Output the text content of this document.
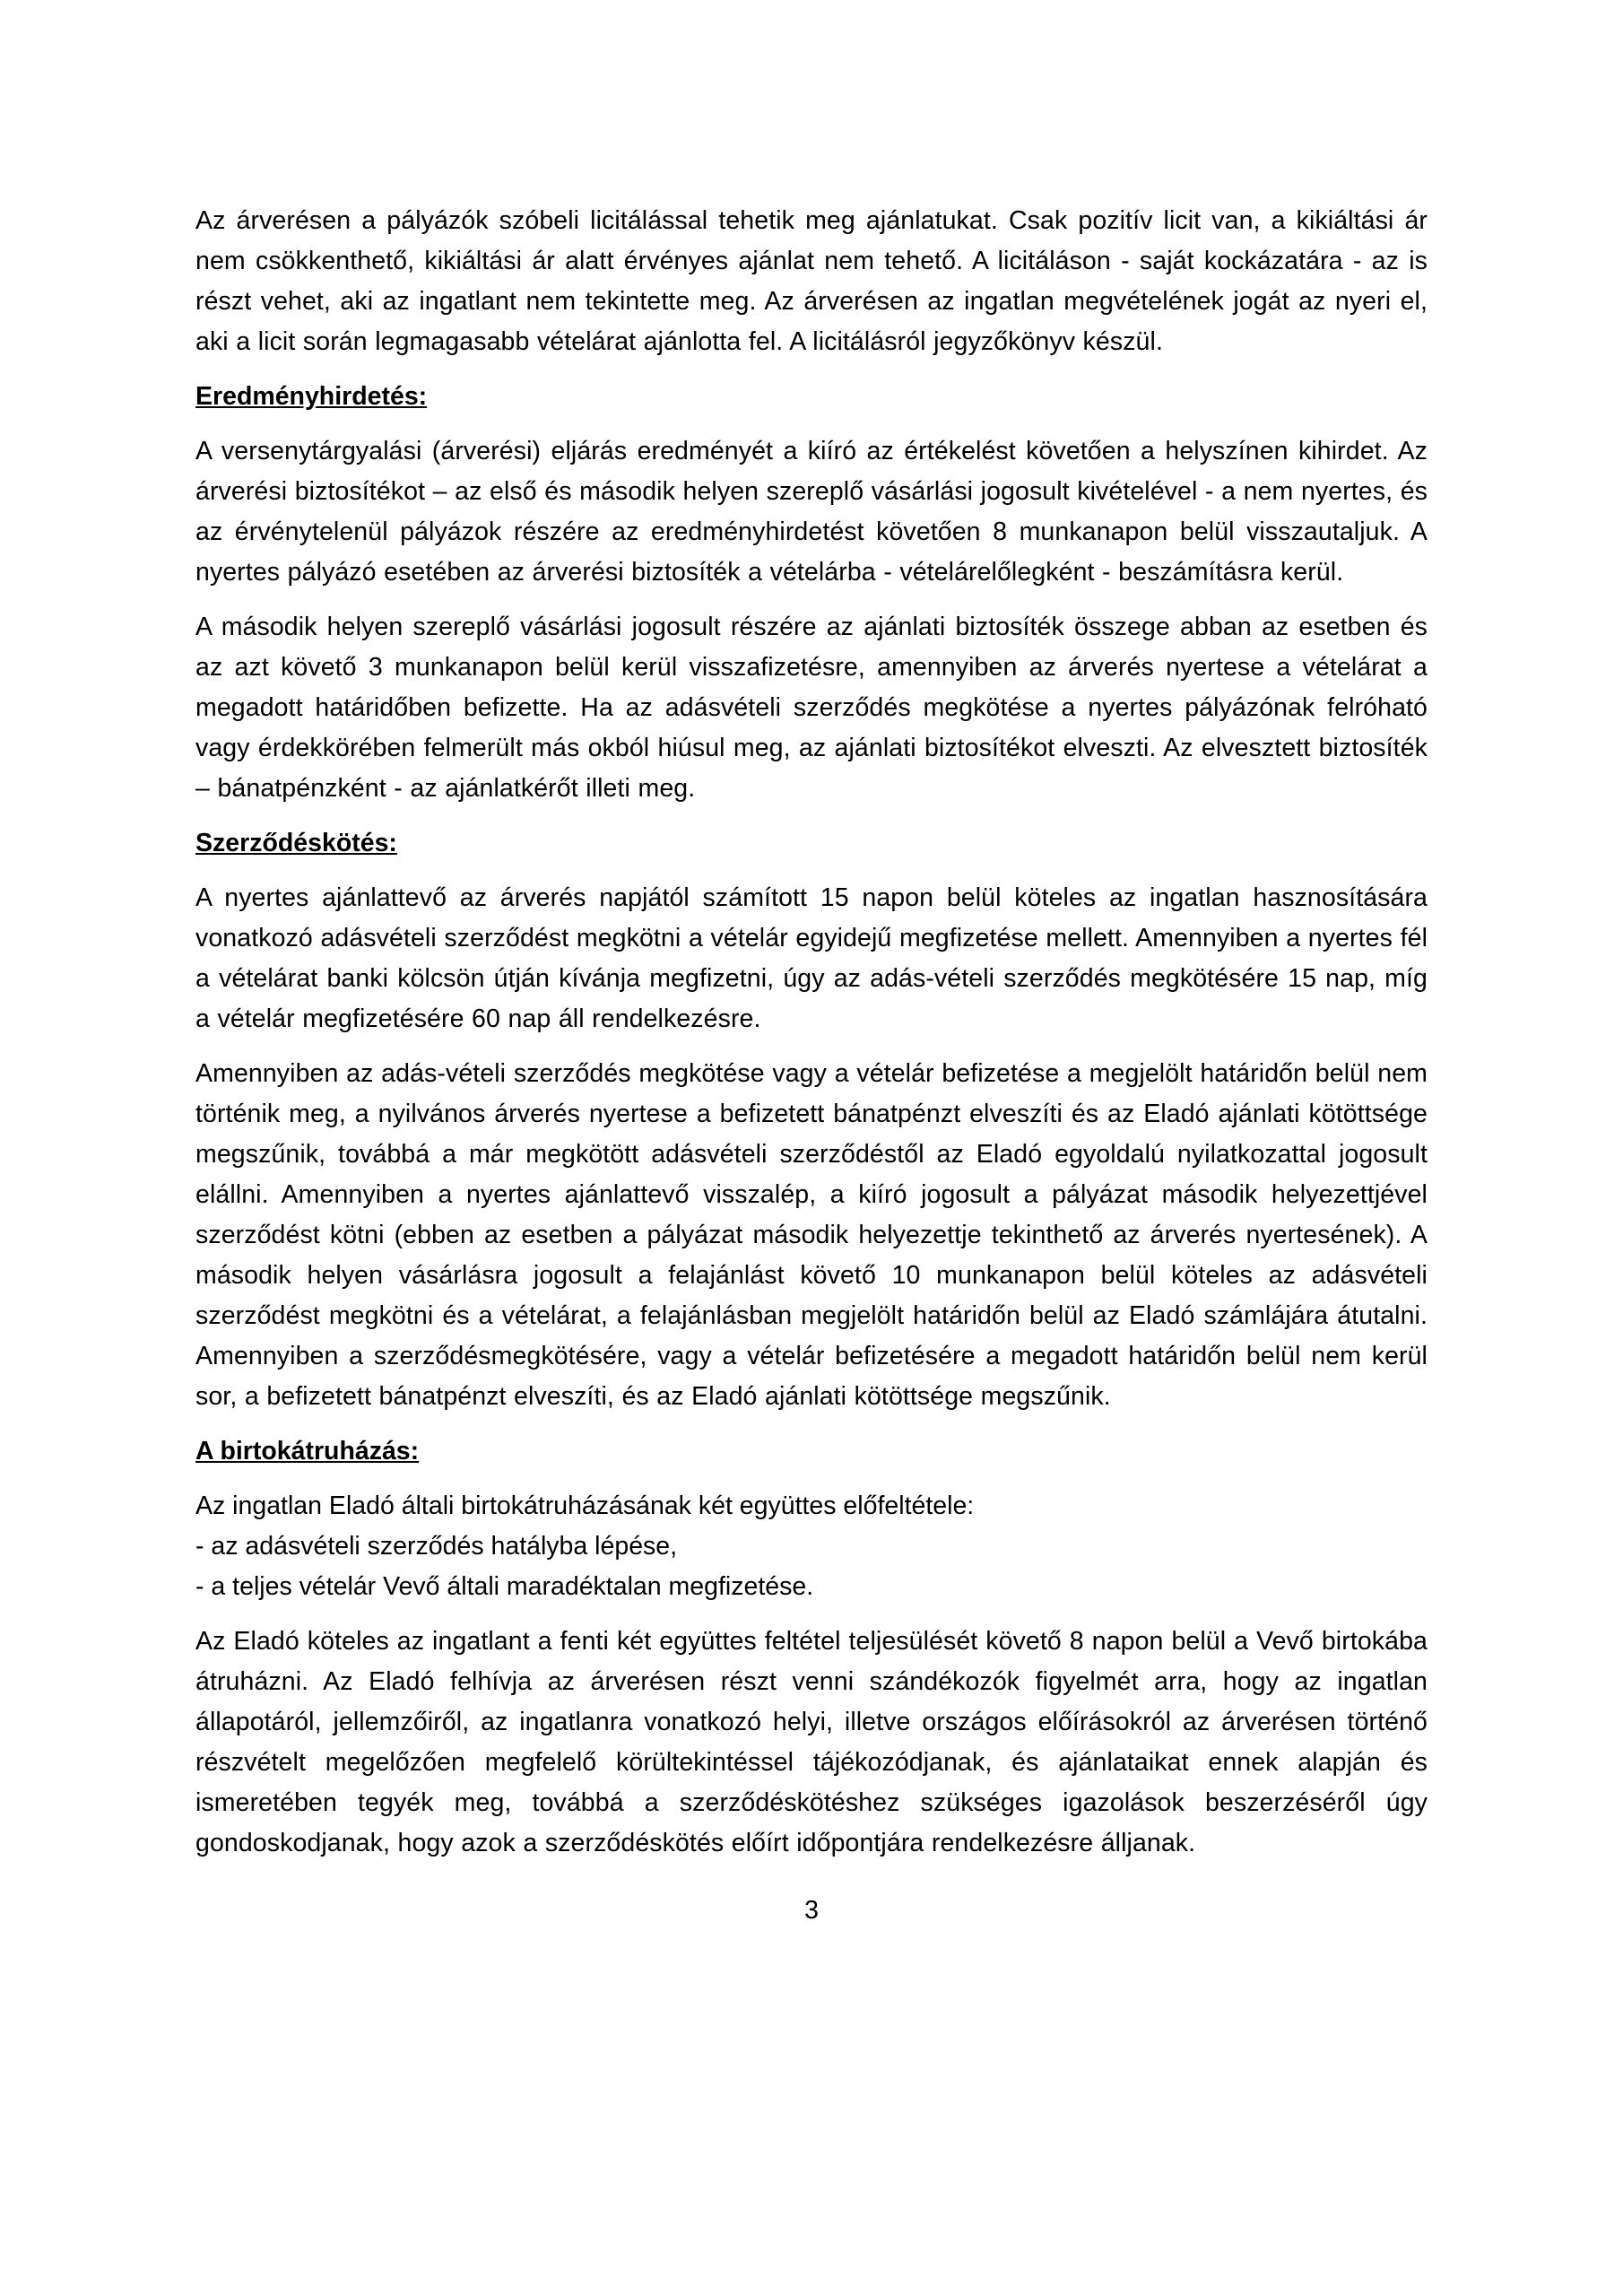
Az árverésen a pályázók szóbeli licitálással tehetik meg ajánlatukat. Csak pozitív licit van, a kikiáltási ár nem csökkenthető, kikiáltási ár alatt érvényes ajánlat nem tehető. A licitáláson - saját kockázatára - az is részt vehet, aki az ingatlant nem tekintette meg. Az árverésen az ingatlan megvételének jogát az nyeri el, aki a licit során legmagasabb vételárat ajánlotta fel. A licitálásról jegyzőkönyv készül.

Eredményhirdetés:

A versenytárgyalási (árverési) eljárás eredményét a kiíró az értékelést követően a helyszínen kihirdet. Az árverési biztosítékot – az első és második helyen szereplő vásárlási jogosult kivételével - a nem nyertes, és az érvénytelenül pályázok részére az eredményhirdetést követően 8 munkanapon belül visszautaljuk. A nyertes pályázó esetében az árverési biztosíték a vételárba - vételárelőlegként - beszámításra kerül.

A második helyen szereplő vásárlási jogosult részére az ajánlati biztosíték összege abban az esetben és az azt követő 3 munkanapon belül kerül visszafizetésre, amennyiben az árverés nyertese a vételárat a megadott határidőben befizette. Ha az adásvételi szerződés megkötése a nyertes pályázónak felróható vagy érdekkörében felmerült más okból hiúsul meg, az ajánlati biztosítékot elveszti. Az elvesztett biztosíték – bánatpénzként - az ajánlatkérőt illeti meg.

Szerződéskötés:

A nyertes ajánlattevő az árverés napjától számított 15 napon belül köteles az ingatlan hasznosítására vonatkozó adásvételi szerződést megkötni a vételár egyidejű megfizetése mellett. Amennyiben a nyertes fél a vételárat banki kölcsön útján kívánja megfizetni, úgy az adás-vételi szerződés megkötésére 15 nap, míg a vételár megfizetésére 60 nap áll rendelkezésre.

Amennyiben az adás-vételi szerződés megkötése vagy a vételár befizetése a megjelölt határidőn belül nem történik meg, a nyilvános árverés nyertese a befizetett bánatpénzt elveszíti és az Eladó ajánlati kötöttsége megszűnik, továbbá a már megkötött adásvételi szerződéstől az Eladó egyoldalú nyilatkozattal jogosult elállni. Amennyiben a nyertes ajánlattevő visszalép, a kiíró jogosult a pályázat második helyezettjével szerződést kötni (ebben az esetben a pályázat második helyezettje tekinthető az árverés nyertesének). A második helyen vásárlásra jogosult a felajánlást követő 10 munkanapon belül köteles az adásvételi szerződést megkötni és a vételárat, a felajánlásban megjelölt határidőn belül az Eladó számlájára átutalni. Amennyiben a szerződésmegkötésére, vagy a vételár befizetésére a megadott határidőn belül nem kerül sor, a befizetett bánatpénzt elveszíti, és az Eladó ajánlati kötöttsége megszűnik.

A birtokátruházás:
Az ingatlan Eladó általi birtokátruházásának két együttes előfeltétele:
- az adásvételi szerződés hatályba lépése,
- a teljes vételár Vevő általi maradéktalan megfizetése.

Az Eladó köteles az ingatlant a fenti két együttes feltétel teljesülését követő 8 napon belül a Vevő birtokába átruházni. Az Eladó felhívja az árverésen részt venni szándékozók figyelmét arra, hogy az ingatlan állapotáról, jellemzőiről, az ingatlanra vonatkozó helyi, illetve országos előírásokról az árverésen történő részvételt megelőzően megfelelő körültekintéssel tájékozódjanak, és ajánlataikat ennek alapján és ismeretében tegyék meg, továbbá a szerződéskötéshez szükséges igazolások beszerzéséről úgy gondoskodjanak, hogy azok a szerződéskötés előírt időpontjára rendelkezésre álljanak.

3
